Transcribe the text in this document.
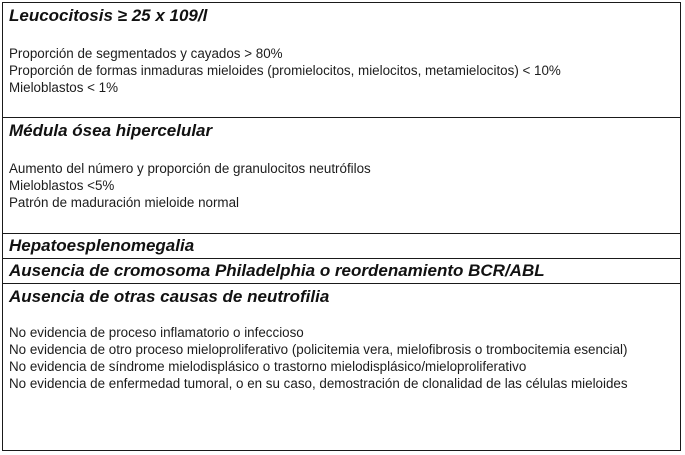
Leucocitosis ≥ 25 x 109/l
Proporción de segmentados y cayados > 80%
Proporción de formas inmaduras mieloides (promielocitos, mielocitos, metamielocitos) < 10%
Mieloblastos < 1%
Médula ósea hipercelular
Aumento del número y proporción de granulocitos neutrófilos
Mieloblastos <5%
Patrón de maduración mieloide normal
Hepatoesplenomegalia
Ausencia de cromosoma Philadelphia o reordenamiento BCR/ABL
Ausencia de otras causas de neutrofilia
No evidencia de proceso inflamatorio o infeccioso
No evidencia de otro proceso mieloproliferativo (policitemia vera, mielofibrosis o trombocitemia esencial)
No evidencia de síndrome mielodisplásico o trastorno mielodisplásico/mieloproliferativo
No evidencia de enfermedad tumoral, o en su caso, demostración de clonalidad de las células mieloides
